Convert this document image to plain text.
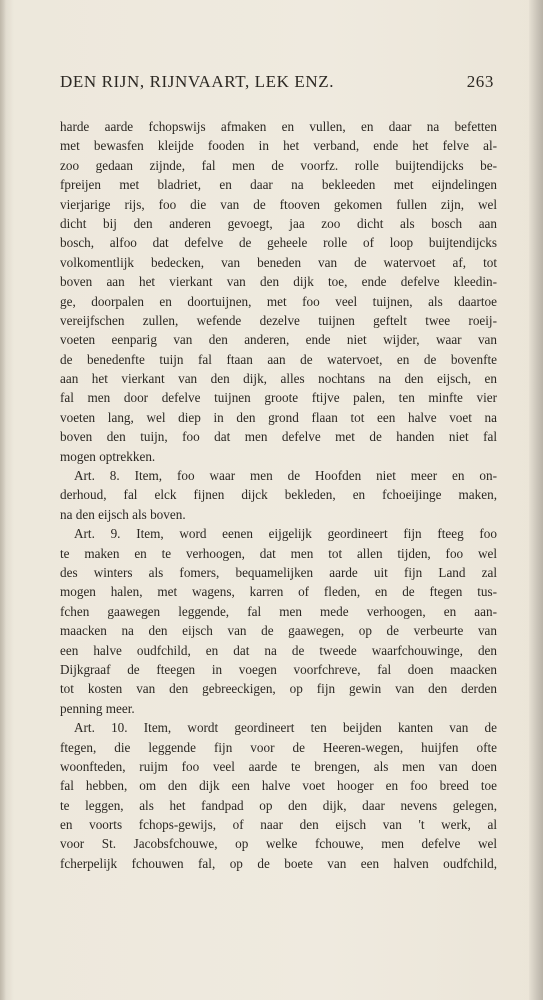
DEN RIJN, RIJNVAART, LEK ENZ.	263
harde aarde fchopswijs afmaken en vullen, en daar na befetten
met bewasfen kleijde fooden in het verband, ende het felve al-
zoo gedaan zijnde, fal men de voorfz. rolle buijtendijcks be-
fpreijen met bladriet, en daar na bekleeden met eijndelingen
vierjarige rijs, foo die van de ftooven gekomen fullen zijn, wel
dicht bij den anderen gevoegt, jaa zoo dicht als bosch aan
bosch, alfoo dat defelve de geheele rolle of loop buijtendijcks
volkomentlijk bedecken, van beneden van de watervoet af, tot
boven aan het vierkant van den dijk toe, ende defelve kleedin-
ge, doorpalen en doortuijnen, met foo veel tuijnen, als daartoe
vereijfschen zullen, wefende dezelve tuijnen geftelt twee roeij-
voeten eenparig van den anderen, ende niet wijder, waar van
de benedenfte tuijn fal ftaan aan de watervoet, en de bovenfte
aan het vierkant van den dijk, alles nochtans na den eijsch, en
fal men door defelve tuijnen groote ftijve palen, ten minfte vier
voeten lang, wel diep in den grond flaan tot een halve voet na
boven den tuijn, foo dat men defelve met de handen niet fal
mogen optrekken.
Art. 8. Item, foo waar men de Hoofden niet meer en on-
derhoud, fal elck fijnen dijck bekleden, en fchoeijinge maken,
na den eijsch als boven.
Art. 9. Item, word eenen eijgelijk geordineert fijn fteeg foo
te maken en te verhoogen, dat men tot allen tijden, foo wel
des winters als fomers, bequamelijken aarde uit fijn Land zal
mogen halen, met wagens, karren of fleden, en de ftegen tus-
fchen gaawegen leggende, fal men mede verhoogen, en aan-
maacken na den eijsch van de gaawegen, op de verbeurte van
een halve oudfchild, en dat na de tweede waarfchouwinge, den
Dijkgraaf de fteegen in voegen voorfchreve, fal doen maacken
tot kosten van den gebreeckigen, op fijn gewin van den derden
penning meer.
Art. 10. Item, wordt geordineert ten beijden kanten van de
ftegen, die leggende fijn voor de Heeren-wegen, huijfen ofte
woonfteden, ruijm foo veel aarde te brengen, als men van doen
fal hebben, om den dijk een halve voet hooger en foo breed toe
te leggen, als het fandpad op den dijk, daar nevens gelegen,
en voorts fchops-gewijs, of naar den eijsch van 't werk, al
voor St. Jacobsfchouwe, op welke fchouwe, men defelve wel
fcherpelijk fchouwen fal, op de boete van een halven oudfchild,
